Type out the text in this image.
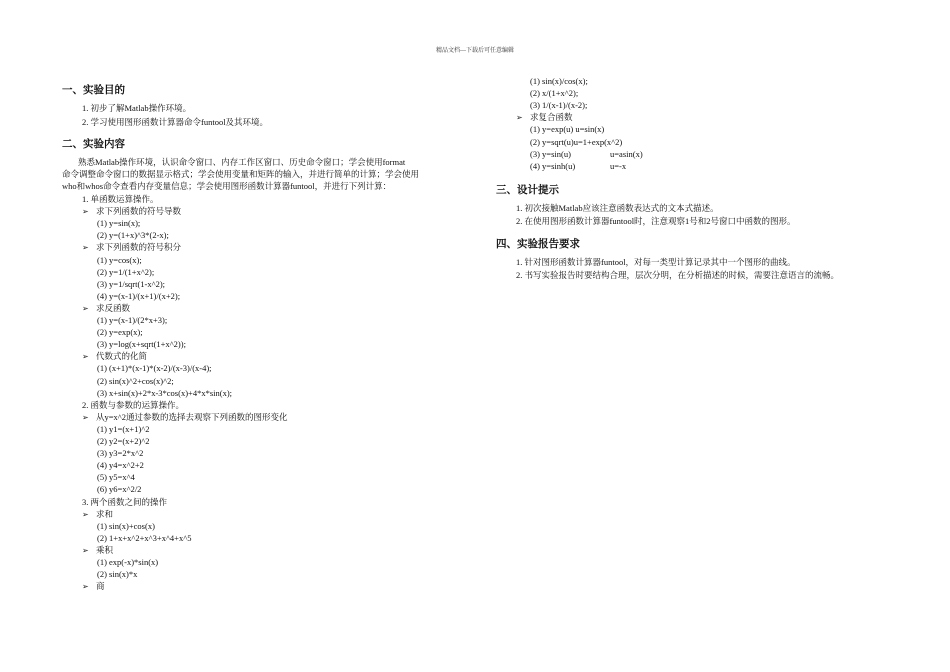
精品文档—下载后可任意编辑
一、实验目的
1. 初步了解Matlab操作环境。
2. 学习使用图形函数计算器命令funtool及其环境。
二、实验内容
熟悉Matlab操作环境，认识命令窗口、内存工作区窗口、历史命令窗口；学会使用format
命令调整命令窗口的数据显示格式；学会使用变量和矩阵的输入，并进行简单的计算；学会使用
who和whos命令查看内存变量信息；学会使用图形函数计算器funtool，并进行下列计算：
1. 单函数运算操作。
➢ 求下列函数的符号导数
(1) y=sin(x);
(2) y=(1+x)^3*(2-x);
➢ 求下列函数的符号积分
(1) y=cos(x);
(2) y=1/(1+x^2);
(3) y=1/sqrt(1-x^2);
(4) y=(x-1)/(x+1)/(x+2);
➢ 求反函数
(1) y=(x-1)/(2*x+3);
(2) y=exp(x);
(3) y=log(x+sqrt(1+x^2));
➢ 代数式的化简
(1) (x+1)*(x-1)*(x-2)/(x-3)/(x-4);
(2) sin(x)^2+cos(x)^2;
(3) x+sin(x)+2*x-3*cos(x)+4*x*sin(x);
2. 函数与参数的运算操作。
➢ 从y=x^2通过参数的选择去观察下列函数的图形变化
(1) y1=(x+1)^2
(2) y2=(x+2)^2
(3) y3=2*x^2
(4) y4=x^2+2
(5) y5=x^4
(6) y6=x^2/2
3. 两个函数之间的操作
➢ 求和
(1) sin(x)+cos(x)
(2) 1+x+x^2+x^3+x^4+x^5
➢ 乘积
(1) exp(-x)*sin(x)
(2) sin(x)*x
➢ 商
(1) sin(x)/cos(x);
(2) x/(1+x^2);
(3) 1/(x-1)/(x-2);
➢ 求复合函数
(1) y=exp(u) u=sin(x)
(2) y=sqrt(u)u=1+exp(x^2)
(3) y=sin(u)	u=asin(x)
(4) y=sinh(u)	u=-x
三、设计提示
1. 初次接触Matlab应该注意函数表达式的文本式描述。
2. 在使用图形函数计算器funtool时，注意观察1号和2号窗口中函数的图形。
四、实验报告要求
1. 针对图形函数计算器funtool，对每一类型计算记录其中一个图形的曲线。
2. 书写实验报告时要结构合理，层次分明，在分析描述的时候，需要注意语言的流畅。
